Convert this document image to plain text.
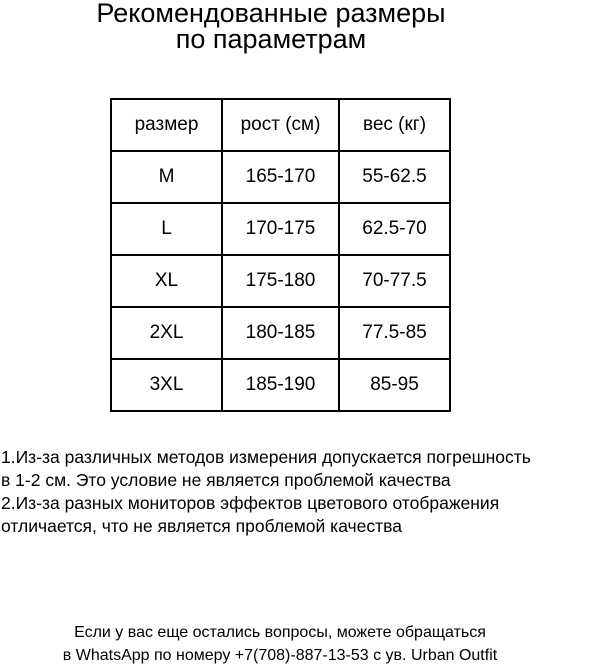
Рекомендованные размеры
по параметрам
размер	рост (см)	вес (кг)
M	165-170	55-62.5
L	170-175	62.5-70
XL	175-180	70-77.5
2XL	180-185	77.5-85
3XL	185-190	85-95
1.Из-за различных методов измерения допускается погрешность
в 1-2 см. Это условие не является проблемой качества
2.Из-за разных мониторов эффектов цветового отображения
отличается, что не является проблемой качества
Если у вас еще остались вопросы, можете обращаться
в WhatsApp по номеру +7(708)-887-13-53 с ув. Urban Outfit
